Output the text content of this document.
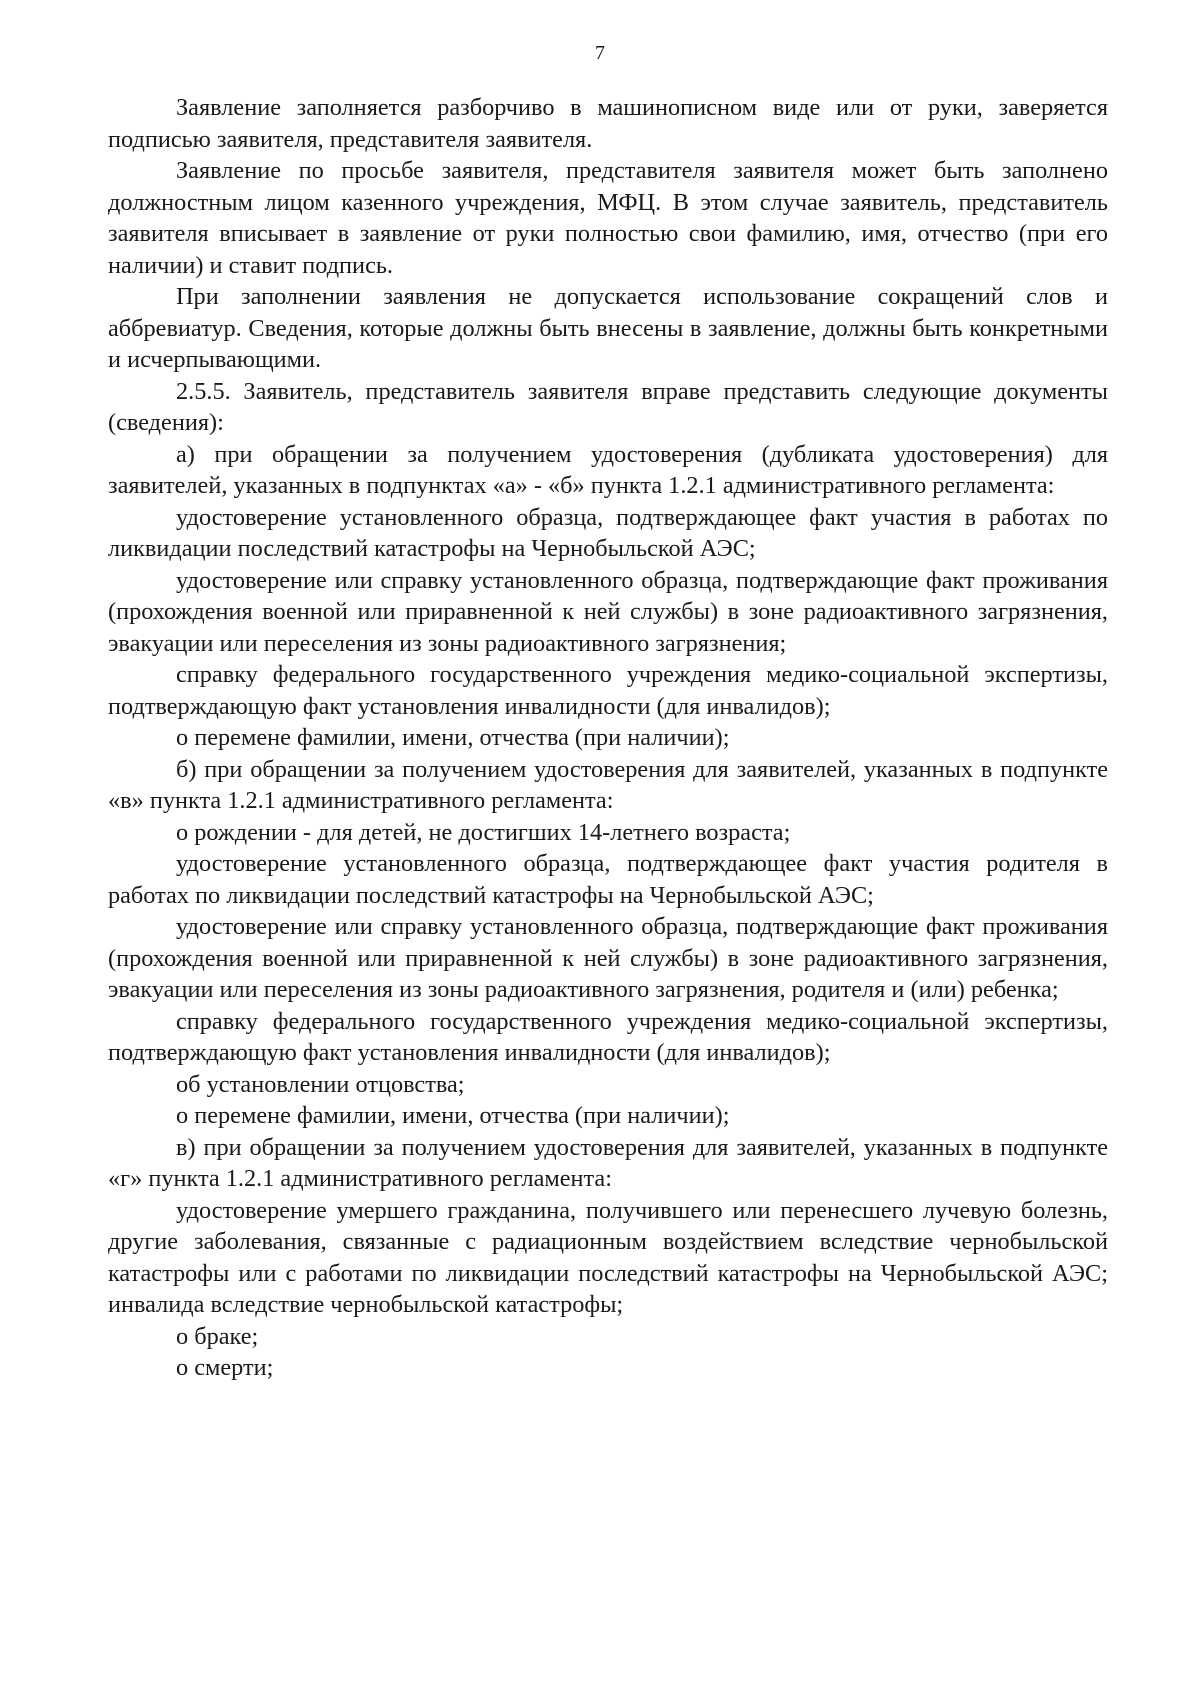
7

Заявление заполняется разборчиво в машинописном виде или от руки, заверяется подписью заявителя, представителя заявителя.

Заявление по просьбе заявителя, представителя заявителя может быть заполнено должностным лицом казенного учреждения, МФЦ. В этом случае заявитель, представитель заявителя вписывает в заявление от руки полностью свои фамилию, имя, отчество (при его наличии) и ставит подпись.

При заполнении заявления не допускается использование сокращений слов и аббревиатур. Сведения, которые должны быть внесены в заявление, должны быть конкретными и исчерпывающими.

2.5.5. Заявитель, представитель заявителя вправе представить следующие документы (сведения):

а) при обращении за получением удостоверения (дубликата удостоверения) для заявителей, указанных в подпунктах «а» - «б» пункта 1.2.1 административного регламента:

удостоверение установленного образца, подтверждающее факт участия в работах по ликвидации последствий катастрофы на Чернобыльской АЭС;

удостоверение или справку установленного образца, подтверждающие факт проживания (прохождения военной или приравненной к ней службы) в зоне радиоактивного загрязнения, эвакуации или переселения из зоны радиоактивного загрязнения;

справку федерального государственного учреждения медико-социальной экспертизы, подтверждающую факт установления инвалидности (для инвалидов);

о перемене фамилии, имени, отчества (при наличии);

б) при обращении за получением удостоверения для заявителей, указанных в подпункте «в» пункта 1.2.1 административного регламента:

о рождении - для детей, не достигших 14-летнего возраста;

удостоверение установленного образца, подтверждающее факт участия родителя в работах по ликвидации последствий катастрофы на Чернобыльской АЭС;

удостоверение или справку установленного образца, подтверждающие факт проживания (прохождения военной или приравненной к ней службы) в зоне радиоактивного загрязнения, эвакуации или переселения из зоны радиоактивного загрязнения, родителя и (или) ребенка;

справку федерального государственного учреждения медико-социальной экспертизы, подтверждающую факт установления инвалидности (для инвалидов);

об установлении отцовства;

о перемене фамилии, имени, отчества (при наличии);

в) при обращении за получением удостоверения для заявителей, указанных в подпункте «г» пункта 1.2.1 административного регламента:

удостоверение умершего гражданина, получившего или перенесшего лучевую болезнь, другие заболевания, связанные с радиационным воздействием вследствие чернобыльской катастрофы или с работами по ликвидации последствий катастрофы на Чернобыльской АЭС; инвалида вследствие чернобыльской катастрофы;

о браке;

о смерти;
